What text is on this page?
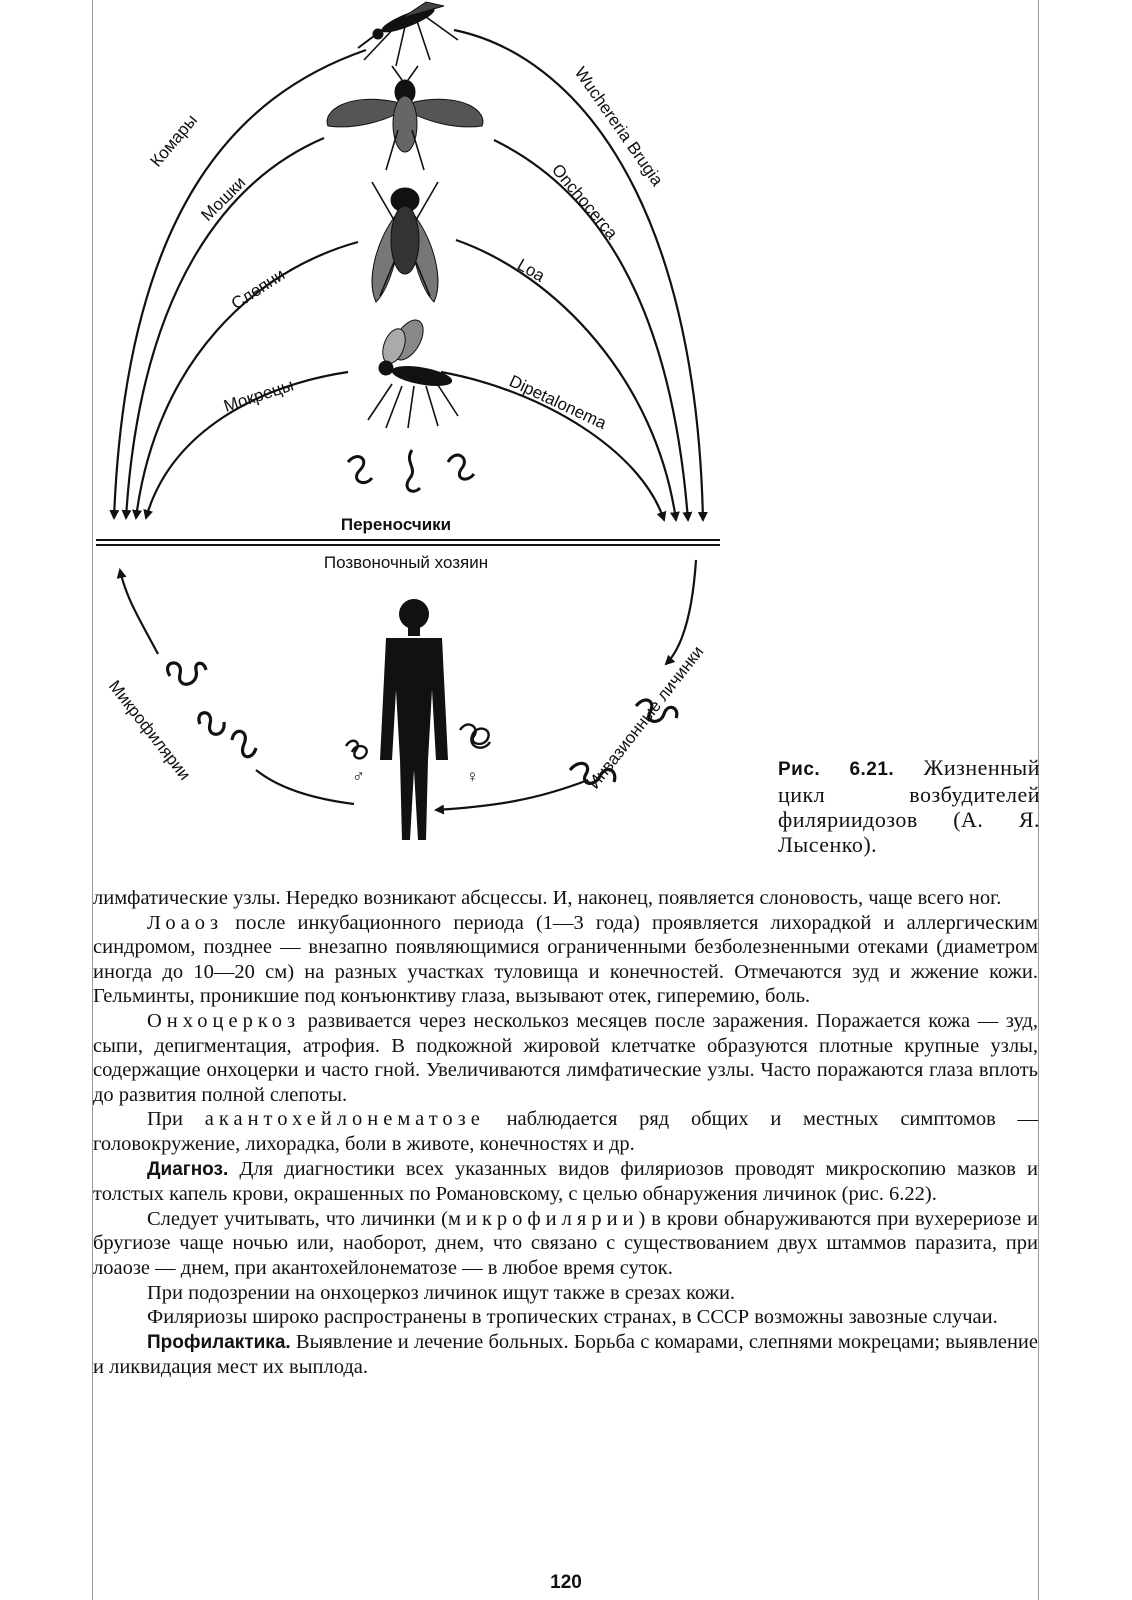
Комары
Мошки
Слепни
Мокрецы
Wuchereria Brugia
Onchocerca
Loa
Dipetalonema
Переносчики
Позвоночный хозяин
♂	♀
Микрофилярии	Инвазионные личинки	Рис. 6.21. Жизненный цикл возбудителей филяриидозов (А. Я. Лысенко).

лимфатические узлы. Нередко возникают абсцессы. И, наконец, появляется слоновость, чаще всего ног.

Лоаоз после инкубационного периода (1—3 года) проявляется лихорадкой и аллергическим синдромом, позднее — внезапно появляющимися ограниченными безболезненными отеками (диаметром иногда до 10—20 см) на разных участках туловища и конечностей. Отмечаются зуд и жжение кожи. Гельминты, проникшие под конъюнктиву глаза, вызывают отек, гиперемию, боль.

Онхоцеркоз развивается через несколькоз месяцев после заражения. Поражается кожа — зуд, сыпи, депигментация, атрофия. В подкожной жировой клетчатке образуются плотные крупные узлы, содержащие онхоцерки и часто гной. Увеличиваются лимфатические узлы. Часто поражаются глаза вплоть до развития полной слепоты.

При акантохейлонематозе наблюдается ряд общих и местных симптомов — головокружение, лихорадка, боли в животе, конечностях и др.

Диагноз. Для диагностики всех указанных видов филяриозов проводят микроскопию мазков и толстых капель крови, окрашенных по Романовскому, с целью обнаружения личинок (рис. 6.22).

Следует учитывать, что личинки (микрофилярии) в крови обнаруживаются при вухерериозе и бругиозе чаще ночью или, наоборот, днем, что связано с существованием двух штаммов паразита, при лоаозе — днем, при акантохейлонематозе — в любое время суток.

При подозрении на онхоцеркоз личинок ищут также в срезах кожи.

Филяриозы широко распространены в тропических странах, в СССР возможны завозные случаи.

Профилактика. Выявление и лечение больных. Борьба с комарами, слепнями мокрецами; выявление и ликвидация мест их выплода.

120
